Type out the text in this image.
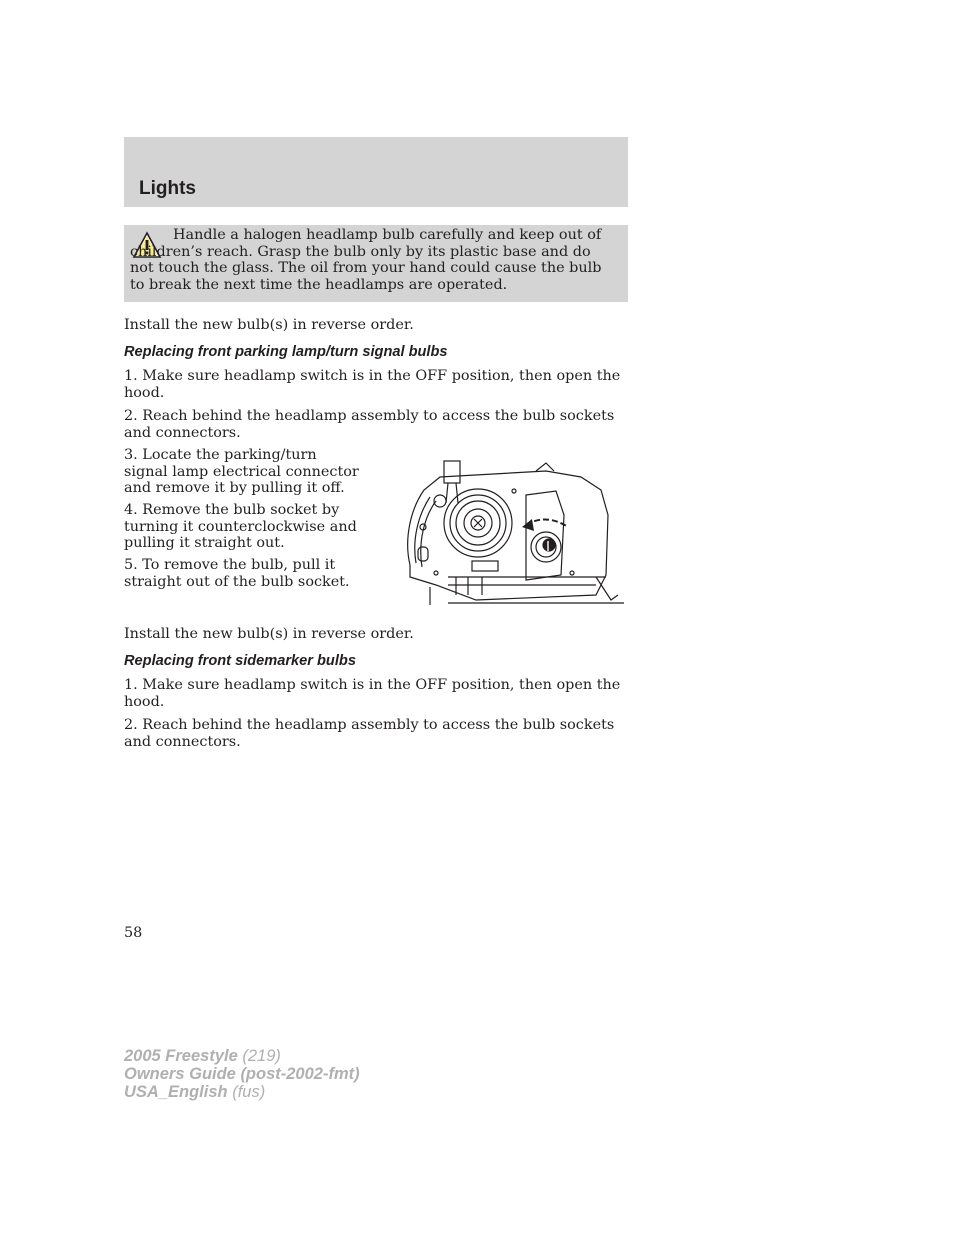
Lights
Handle a halogen headlamp bulb carefully and keep out of children’s reach. Grasp the bulb only by its plastic base and do not touch the glass. The oil from your hand could cause the bulb to break the next time the headlamps are operated.
Install the new bulb(s) in reverse order.
Replacing front parking lamp/turn signal bulbs
1. Make sure headlamp switch is in the OFF position, then open the hood.
2. Reach behind the headlamp assembly to access the bulb sockets and connectors.
3. Locate the parking/turn signal lamp electrical connector and remove it by pulling it off.
4. Remove the bulb socket by turning it counterclockwise and pulling it straight out.
5. To remove the bulb, pull it straight out of the bulb socket.
Install the new bulb(s) in reverse order.
Replacing front sidemarker bulbs
1. Make sure headlamp switch is in the OFF position, then open the hood.
2. Reach behind the headlamp assembly to access the bulb sockets and connectors.
58
2005 Freestyle (219)
Owners Guide (post-2002-fmt)
USA_English (fus)
